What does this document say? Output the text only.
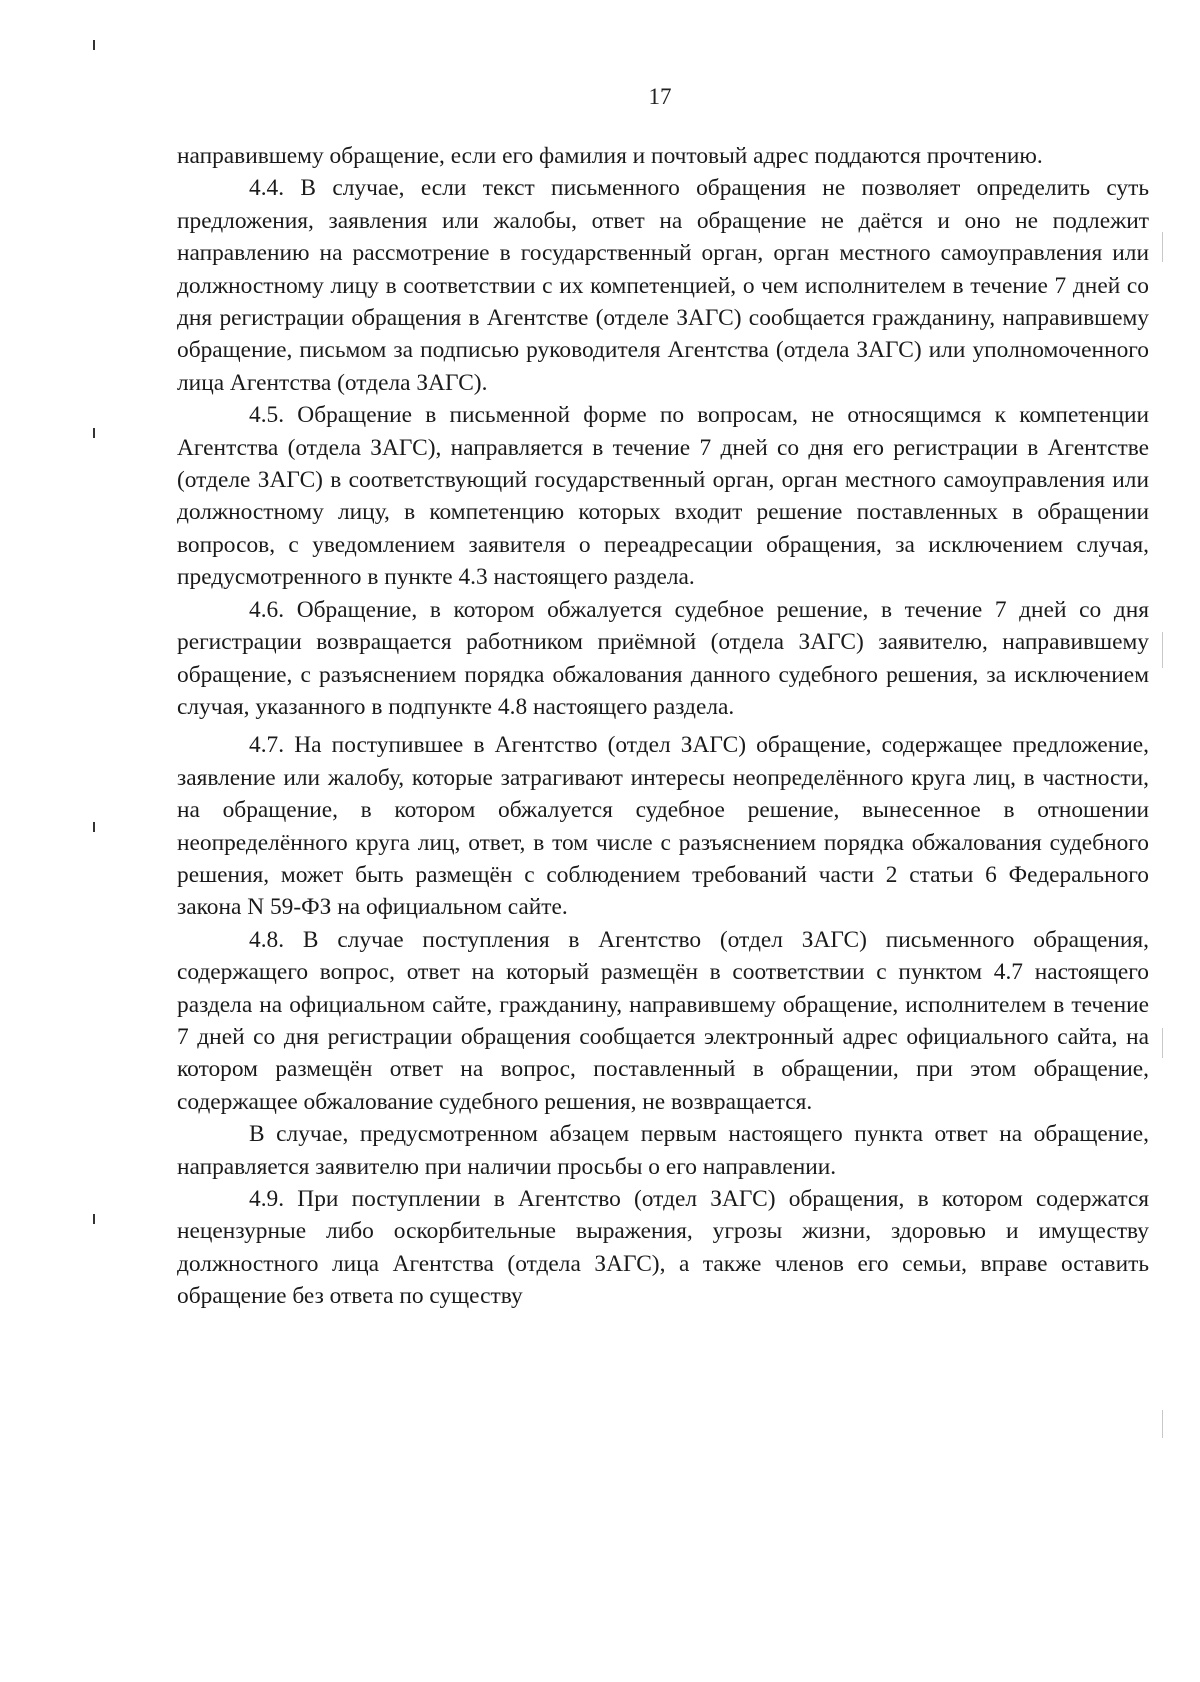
17

направившему обращение, если его фамилия и почтовый адрес поддаются прочтению.

4.4. В случае, если текст письменного обращения не позволяет определить суть предложения, заявления или жалобы, ответ на обращение не даётся и оно не подлежит направлению на рассмотрение в государственный орган, орган местного самоуправления или должностному лицу в соответствии с их компетенцией, о чем исполнителем в течение 7 дней со дня регистрации обращения в Агентстве (отделе ЗАГС) сообщается гражданину, направившему обращение, письмом за подписью руководителя Агентства (отдела ЗАГС) или уполномоченного лица Агентства (отдела ЗАГС).

4.5. Обращение в письменной форме по вопросам, не относящимся к компетенции Агентства (отдела ЗАГС), направляется в течение 7 дней со дня его регистрации в Агентстве (отделе ЗАГС) в соответствующий государственный орган, орган местного самоуправления или должностному лицу, в компетенцию которых входит решение поставленных в обращении вопросов, с уведомлением заявителя о переадресации обращения, за исключением случая, предусмотренного в пункте 4.3 настоящего раздела.

4.6. Обращение, в котором обжалуется судебное решение, в течение 7 дней со дня регистрации возвращается работником приёмной (отдела ЗАГС) заявителю, направившему обращение, с разъяснением порядка обжалования данного судебного решения, за исключением случая, указанного в подпункте 4.8 настоящего раздела.

4.7. На поступившее в Агентство (отдел ЗАГС) обращение, содержащее предложение, заявление или жалобу, которые затрагивают интересы неопределённого круга лиц, в частности, на обращение, в котором обжалуется судебное решение, вынесенное в отношении неопределённого круга лиц, ответ, в том числе с разъяснением порядка обжалования судебного решения, может быть размещён с соблюдением требований части 2 статьи 6 Федерального закона N 59-ФЗ на официальном сайте.

4.8. В случае поступления в Агентство (отдел ЗАГС) письменного обращения, содержащего вопрос, ответ на который размещён в соответствии с пунктом 4.7 настоящего раздела на официальном сайте, гражданину, направившему обращение, исполнителем в течение 7 дней со дня регистрации обращения сообщается электронный адрес официального сайта, на котором размещён ответ на вопрос, поставленный в обращении, при этом обращение, содержащее обжалование судебного решения, не возвращается.

В случае, предусмотренном абзацем первым настоящего пункта ответ на обращение, направляется заявителю при наличии просьбы о его направлении.

4.9. При поступлении в Агентство (отдел ЗАГС) обращения, в котором содержатся нецензурные либо оскорбительные выражения, угрозы жизни, здоровью и имуществу должностного лица Агентства (отдела ЗАГС), а также членов его семьи, вправе оставить обращение без ответа по существу
